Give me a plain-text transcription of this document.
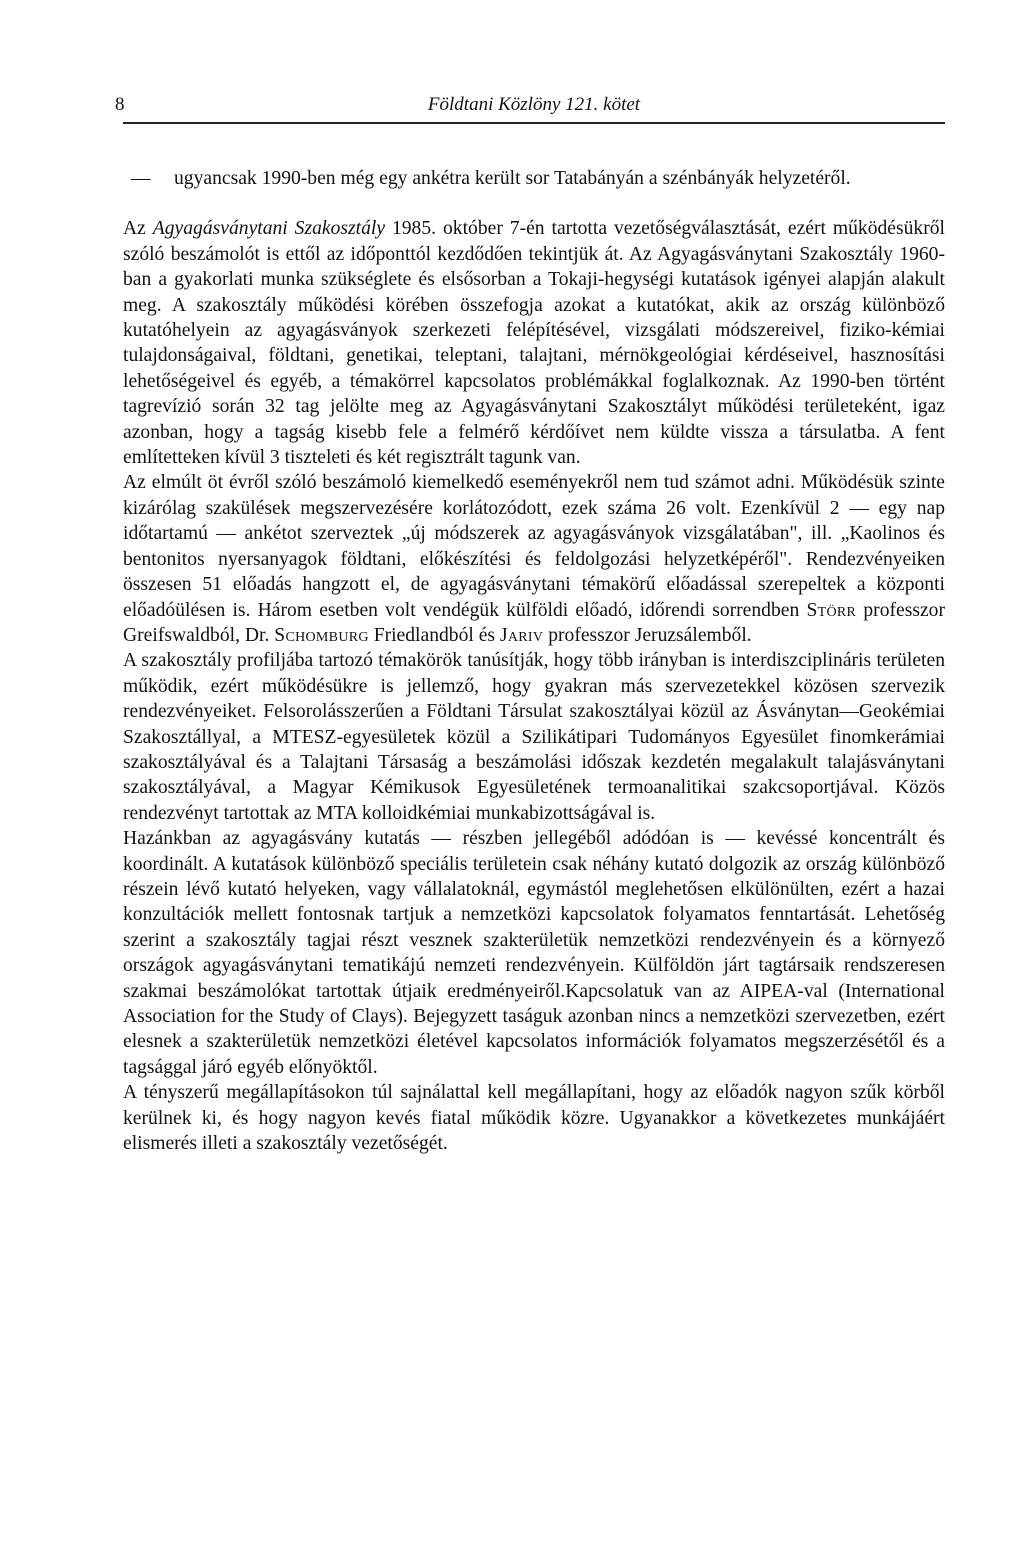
8	Földtani Közlöny 121. kötet

— ugyancsak 1990-ben még egy ankétra került sor Tatabányán a szénbányák helyzetéről.

Az Agyagásványtani Szakosztály 1985. október 7-én tartotta vezetőségválasztását, ezért működésükről szóló beszámolót is ettől az időponttól kezdődően tekintjük át. Az Agyagásványtani Szakosztály 1960-ban a gyakorlati munka szükséglete és elsősorban a Tokaji-hegységi kutatások igényei alapján alakult meg. A szakosztály működési körében összefogja azokat a kutatókat, akik az ország különböző kutatóhelyein az agyagásványok szerkezeti felépítésével, vizsgálati módszereivel, fiziko-kémiai tulajdonságaival, földtani, genetikai, teleptani, talajtani, mérnökgeológiai kérdéseivel, hasznosítási lehetőségeivel és egyéb, a témakörrel kapcsolatos problémákkal foglalkoznak. Az 1990-ben történt tagrevízió során 32 tag jelölte meg az Agyagásványtani Szakosztályt működési területeként, igaz azonban, hogy a tagság kisebb fele a felmérő kérdőívet nem küldte vissza a társulatba. A fent említetteken kívül 3 tiszteleti és két regisztrált tagunk van.

Az elmúlt öt évről szóló beszámoló kiemelkedő eseményekről nem tud számot adni. Működésük szinte kizárólag szakülések megszervezésére korlátozódott, ezek száma 26 volt. Ezenkívül 2 — egy nap időtartamú — ankétot szerveztek „új módszerek az agyagásványok vizsgálatában", ill. „Kaolinos és bentonitos nyersanyagok földtani, előkészítési és feldolgozási helyzetképéről". Rendezvényeiken összesen 51 előadás hangzott el, de agyagásványtani témakörű előadással szerepeltek a központi előadóülésen is. Három esetben volt vendégük külföldi előadó, időrendi sorrendben Störr professzor Greifswaldból, Dr. Schomburg Friedlandból és Jariv professzor Jeruzsálemből.

A szakosztály profiljába tartozó témakörök tanúsítják, hogy több irányban is interdiszciplináris területen működik, ezért működésükre is jellemző, hogy gyakran más szervezetekkel közösen szervezik rendezvényeiket. Felsorolásszerűen a Földtani Társulat szakosztályai közül az Ásványtan—Geokémiai Szakosztállyal, a MTESZ-egyesületek közül a Szilikátipari Tudományos Egyesület finomkerámiai szakosztályával és a Talajtani Társaság a beszámolási időszak kezdetén megalakult talajásványtani szakosztályával, a Magyar Kémikusok Egyesületének termoanalitikai szakcsoportjával. Közös rendezvényt tartottak az MTA kolloidkémiai munkabizottságával is.

Hazánkban az agyagásvány kutatás — részben jellegéből adódóan is — kevéssé koncentrált és koordinált. A kutatások különböző speciális területein csak néhány kutató dolgozik az ország különböző részein lévő kutató helyeken, vagy vállalatoknál, egymástól meglehetősen elkülönülten, ezért a hazai konzultációk mellett fontosnak tartjuk a nemzetközi kapcsolatok folyamatos fenntartását. Lehetőség szerint a szakosztály tagjai részt vesznek szakterületük nemzetközi rendezvényein és a környező országok agyagásványtani tematikájú nemzeti rendezvényein. Külföldön járt tagtársaik rendszeresen szakmai beszámolókat tartottak útjaik eredményeiről.Kapcsolatuk van az AIPEA-val (International Association for the Study of Clays). Bejegyzett taságuk azonban nincs a nemzetközi szervezetben, ezért elesnek a szakterületük nemzetközi életével kapcsolatos információk folyamatos megszerzésétől és a tagsággal járó egyéb előnyöktől.

A tényszerű megállapításokon túl sajnálattal kell megállapítani, hogy az előadók nagyon szűk körből kerülnek ki, és hogy nagyon kevés fiatal működik közre. Ugyanakkor a következetes munkájáért elismerés illeti a szakosztály vezetőségét.
